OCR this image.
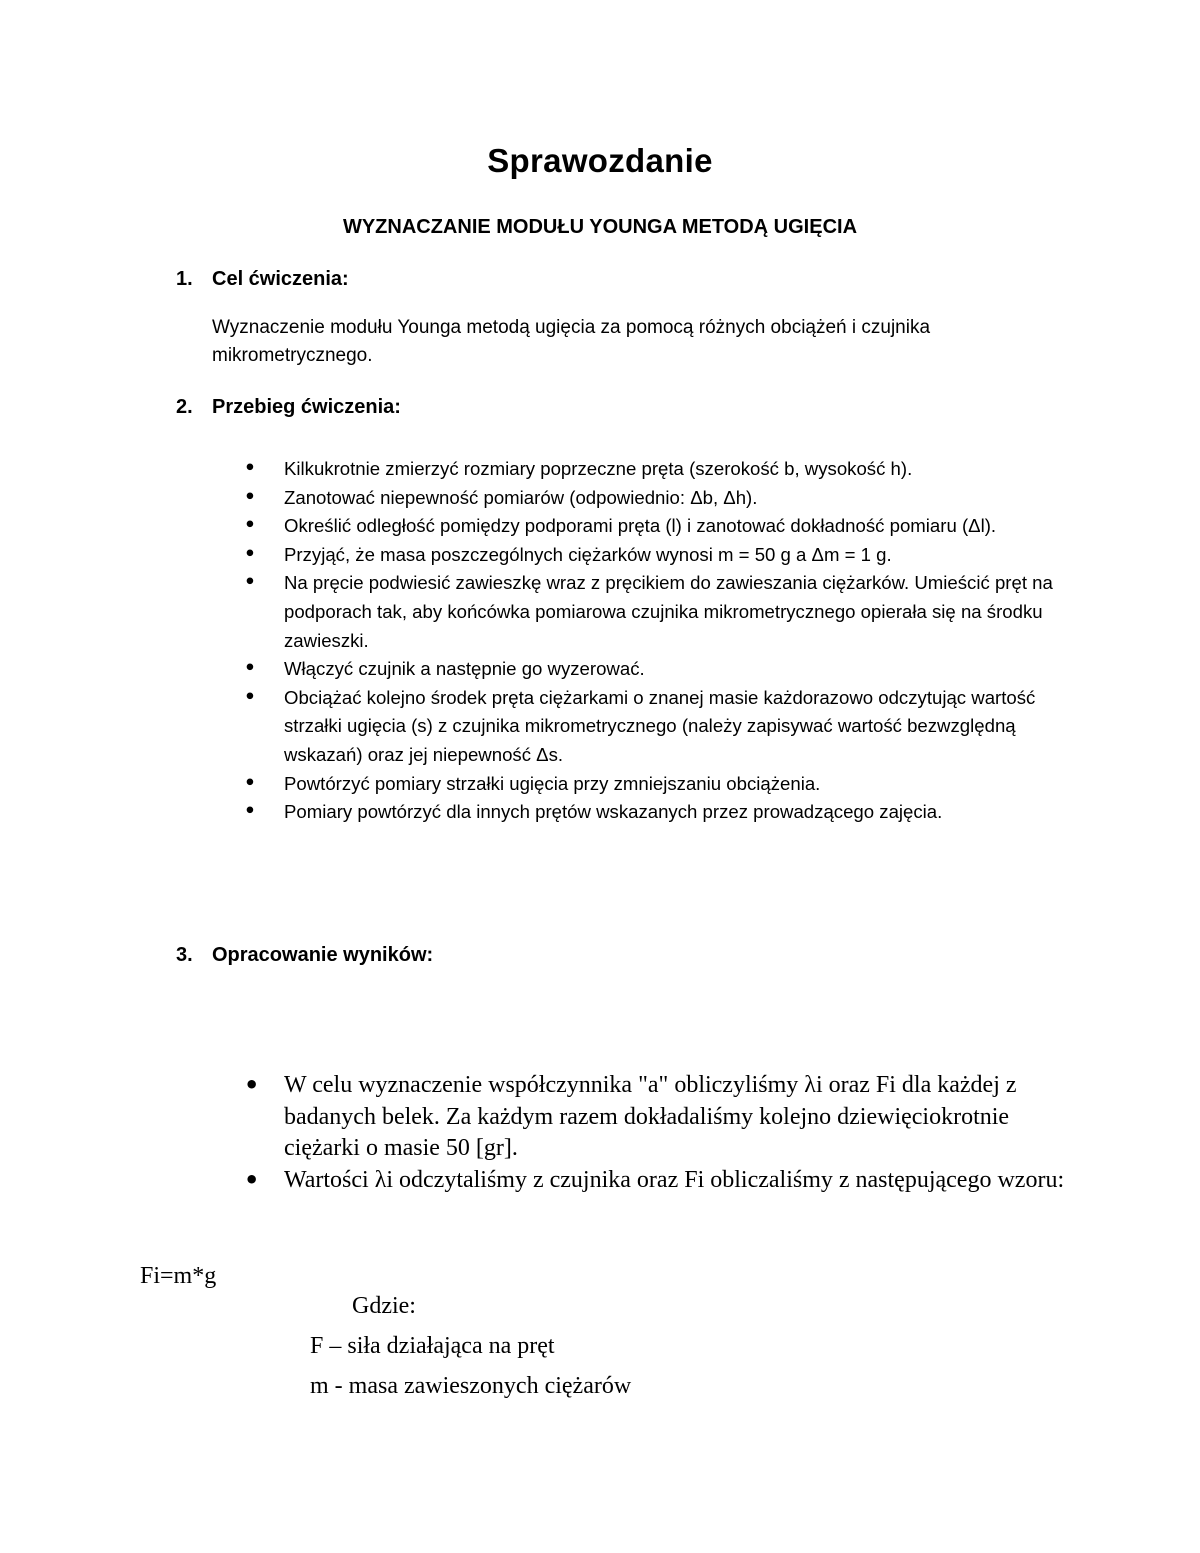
Sprawozdanie
WYZNACZANIE MODUŁU YOUNGA METODĄ UGIĘCIA
1. Cel ćwiczenia:
Wyznaczenie modułu Younga metodą ugięcia za pomocą różnych obciążeń i czujnika mikrometrycznego.
2. Przebieg ćwiczenia:
• Kilkukrotnie zmierzyć rozmiary poprzeczne pręta (szerokość b, wysokość h).
• Zanotować niepewność pomiarów (odpowiednio: Δb, Δh).
• Określić odległość pomiędzy podporami pręta (l) i zanotować dokładność pomiaru (Δl).
• Przyjąć, że masa poszczególnych ciężarków wynosi m = 50 g a Δm = 1 g.
• Na pręcie podwiesić zawieszkę wraz z pręcikiem do zawieszania ciężarków. Umieścić pręt na podporach tak, aby końcówka pomiarowa czujnika mikrometrycznego opierała się na środku zawieszki.
• Włączyć czujnik a następnie go wyzerować.
• Obciążać kolejno środek pręta ciężarkami o znanej masie każdorazowo odczytując wartość strzałki ugięcia (s) z czujnika mikrometrycznego (należy zapisywać wartość bezwzględną wskazań) oraz jej niepewność Δs.
• Powtórzyć pomiary strzałki ugięcia przy zmniejszaniu obciążenia.
• Pomiary powtórzyć dla innych prętów wskazanych przez prowadzącego zajęcia.
3. Opracowanie wyników:
• W celu wyznaczenie współczynnika "a" obliczyliśmy λi oraz Fi dla każdej z badanych belek. Za każdym razem dokładaliśmy kolejno dziewięciokrotnie ciężarki o masie 50 [gr].
• Wartości λi odczytaliśmy z czujnika oraz Fi obliczaliśmy z następującego wzoru:
Fi=m*g
Gdzie:
F – siła działająca na pręt
m - masa zawieszonych ciężarów
